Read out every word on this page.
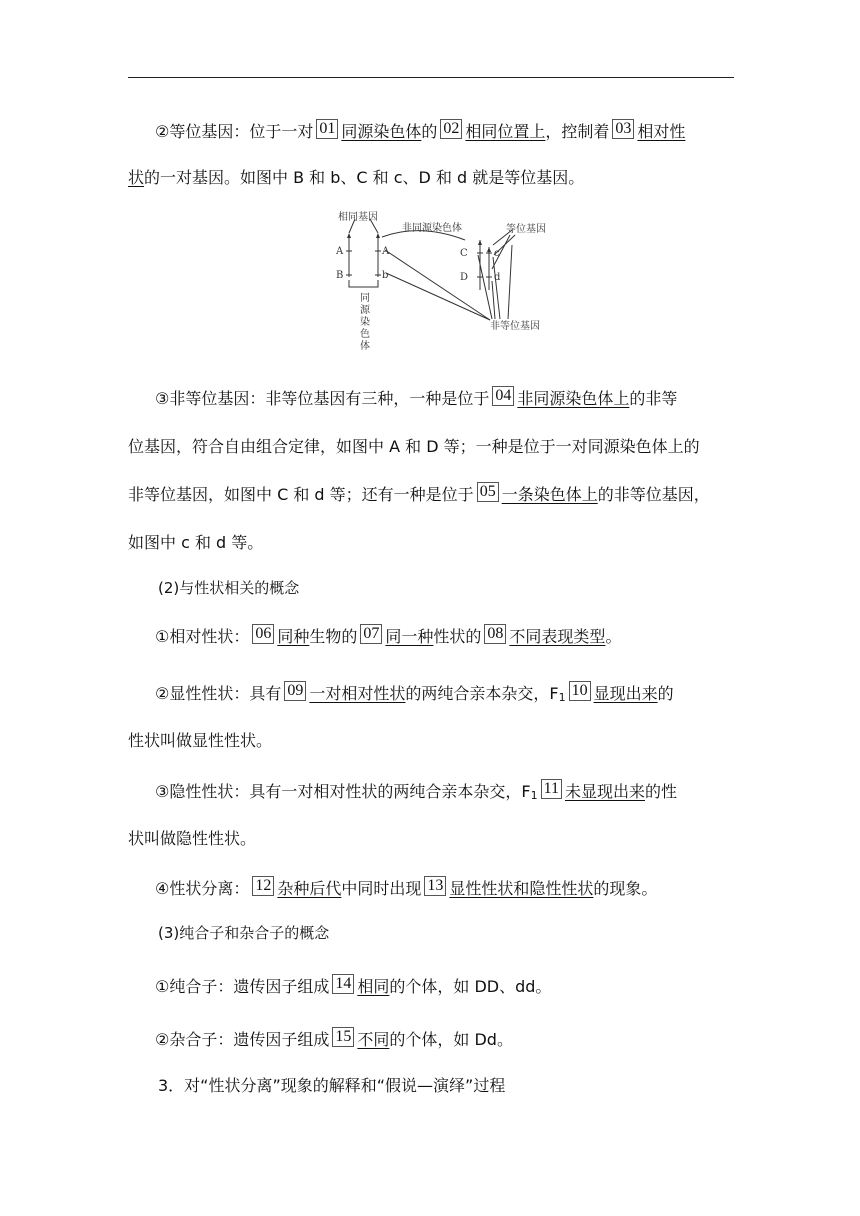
②等位基因：位于一对 01 同源染色体的 02 相同位置上，控制着 03 相对性
状的一对基因。如图中 B 和 b、C 和 c、D 和 d 就是等位基因。
相同基因
非同源染色体	等位基因
非等位基因
同
源
染
色
体
A	A
B	b
C	c
D	d
③非等位基因：非等位基因有三种，一种是位于 04 非同源染色体上的非等
位基因，符合自由组合定律，如图中 A 和 D 等；一种是位于一对同源染色体上的
非等位基因，如图中 C 和 d 等；还有一种是位于 05 一条染色体上的非等位基因，
如图中 c 和 d 等。
(2)与性状相关的概念
①相对性状： 06 同种生物的 07 同一种性状的 08 不同表现类型。
②显性性状：具有 09 一对相对性状的两纯合亲本杂交，F1 10 显现出来的
性状叫做显性性状。
③隐性性状：具有一对相对性状的两纯合亲本杂交，F1 11 未显现出来的性
状叫做隐性性状。
④性状分离： 12 杂种后代中同时出现 13 显性性状和隐性性状的现象。
(3)纯合子和杂合子的概念
①纯合子：遗传因子组成 14 相同的个体，如 DD、dd。
②杂合子：遗传因子组成 15 不同的个体，如 Dd。
3．对“性状分离”现象的解释和“假说—演绎”过程
